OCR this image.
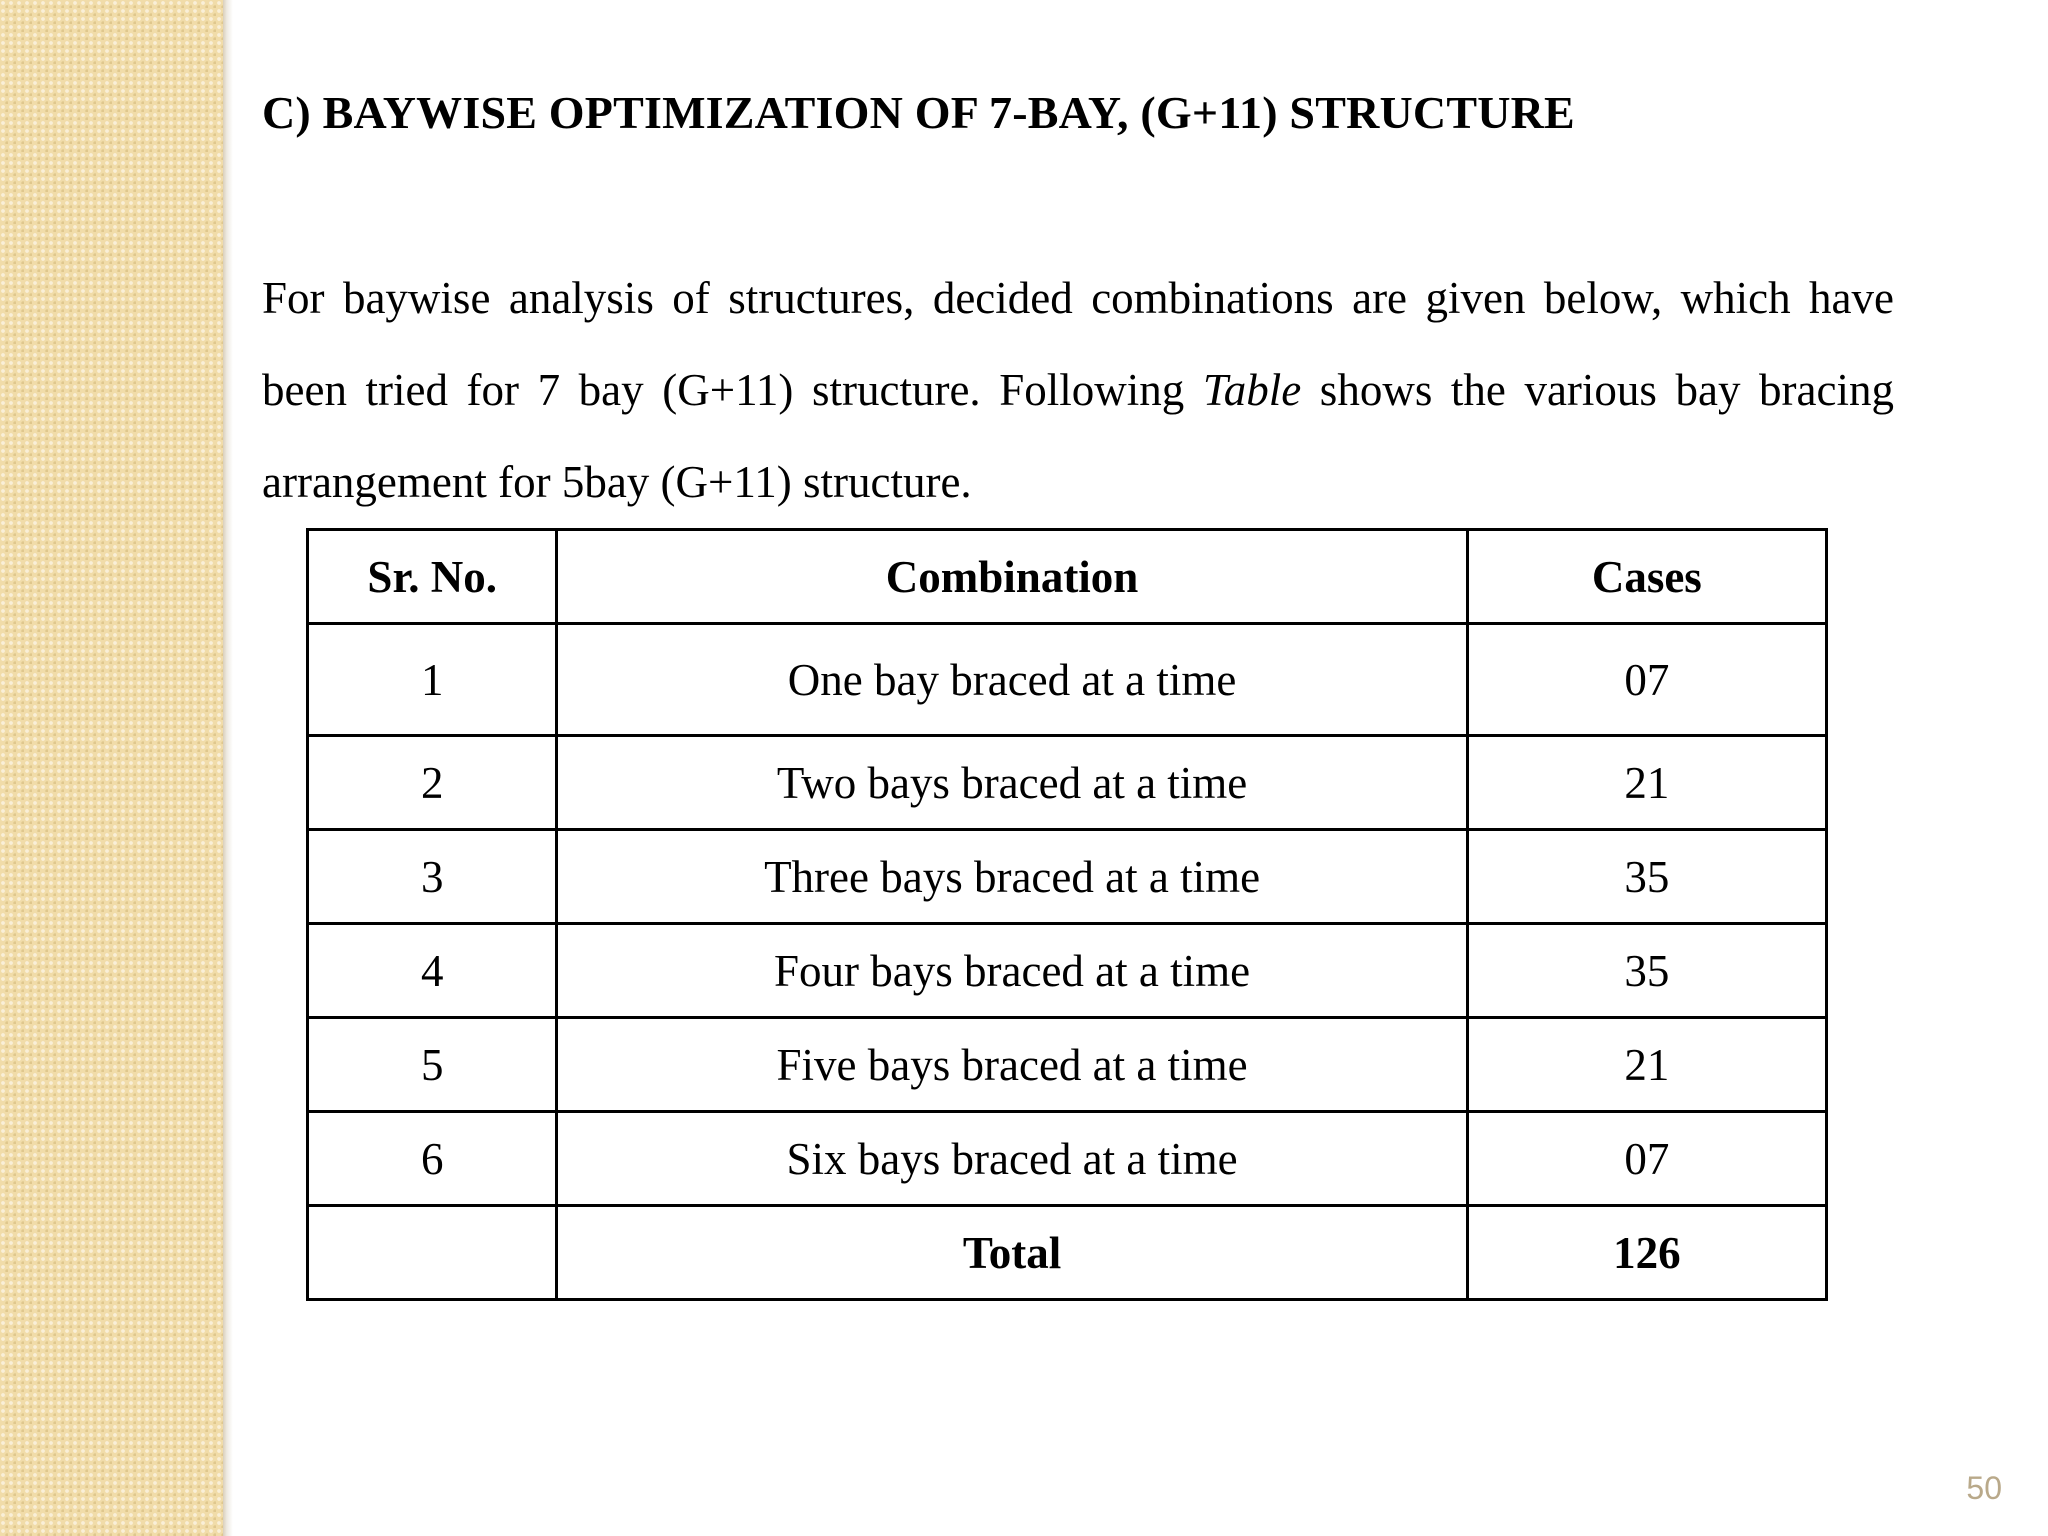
C) BAYWISE OPTIMIZATION OF 7-BAY, (G+11) STRUCTURE

For baywise analysis of structures, decided combinations are given below, which have been tried for 7 bay (G+11) structure. Following Table shows the various bay bracing arrangement for 5bay (G+11) structure.

Sr. No.	Combination	Cases
1	One bay braced at a time	07
2	Two bays braced at a time	21
3	Three bays braced at a time	35
4	Four bays braced at a time	35
5	Five bays braced at a time	21
6	Six bays braced at a time	07
	Total	126
50
